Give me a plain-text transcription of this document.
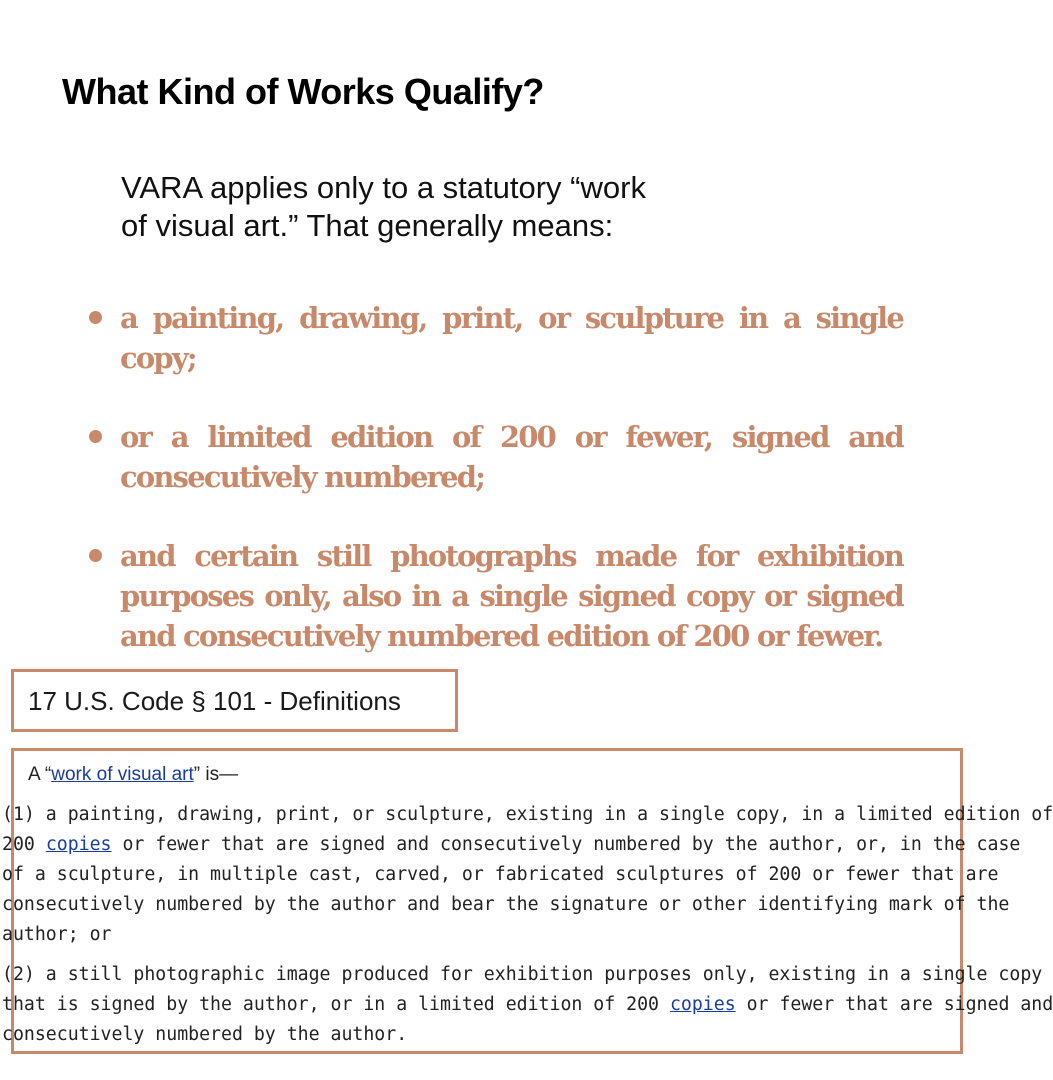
What Kind of Works Qualify?

VARA applies only to a statutory “work
of visual art.” That generally means:

a painting, drawing, print, or sculpture in a single copy;
or a limited edition of 200 or fewer, signed and consecutively numbered;
and certain still photographs made for exhibition purposes only, also in a single signed copy or signed and consecutively numbered edition of 200 or fewer.

17 U.S. Code § 101 - Definitions

A “work of visual art” is—

(1) a painting, drawing, print, or sculpture, existing in a single copy, in a limited edition of
200 copies or fewer that are signed and consecutively numbered by the author, or, in the case
of a sculpture, in multiple cast, carved, or fabricated sculptures of 200 or fewer that are
consecutively numbered by the author and bear the signature or other identifying mark of the
author; or

(2) a still photographic image produced for exhibition purposes only, existing in a single copy
that is signed by the author, or in a limited edition of 200 copies or fewer that are signed and
consecutively numbered by the author.
